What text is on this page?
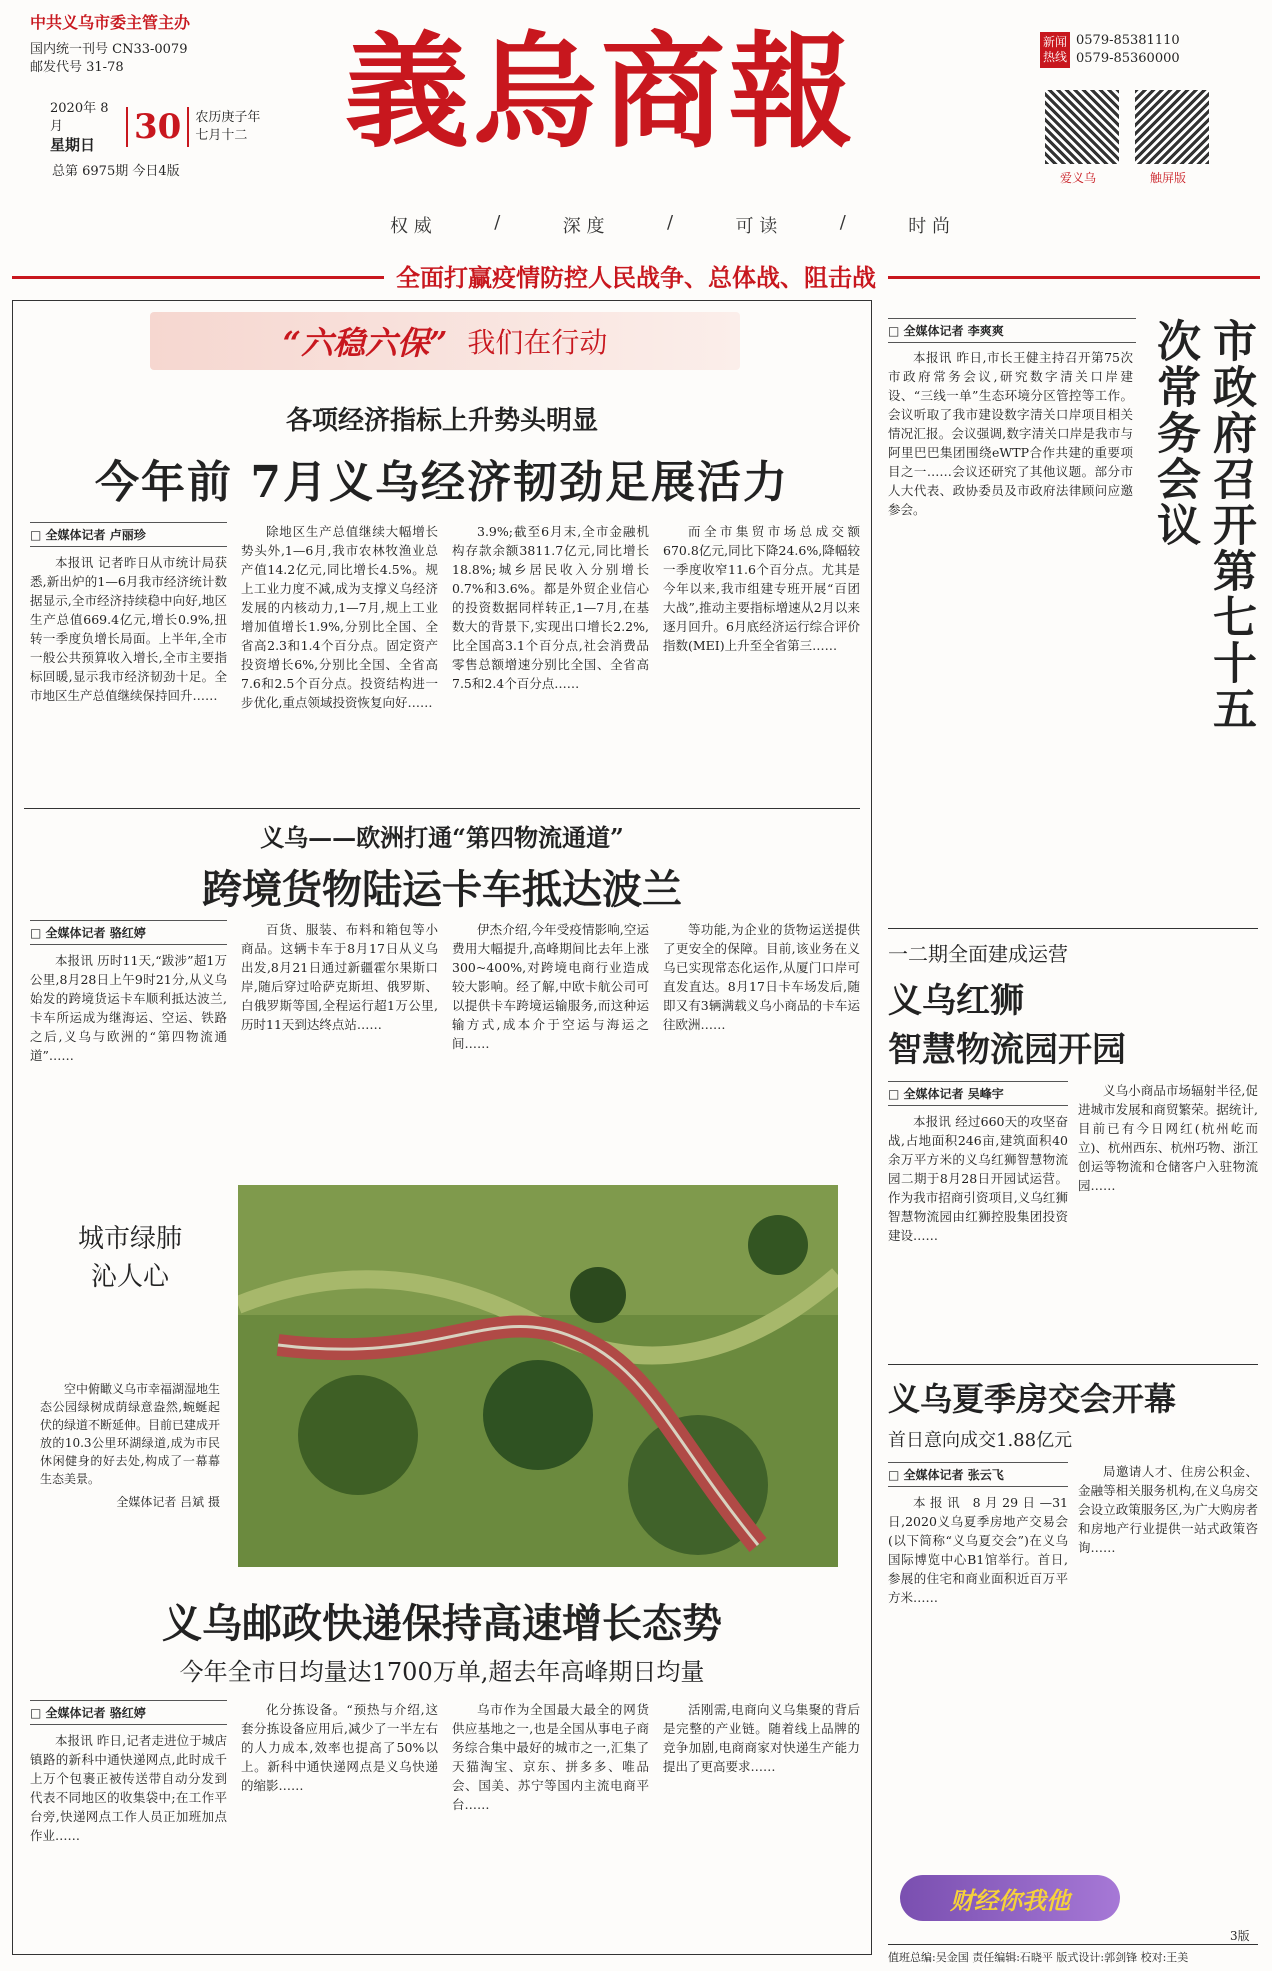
中共义乌市委主管主办
国内统一刊号 CN33-0079
邮发代号 31-78
2020年 8月
星期日	30	农历庚子年
七月十二
总第 6975期 今日4版
義烏商報
权 威	/	深 度	/	可 读	/	时 尚
新闻热线
0579-85381110
0579-85360000
爱义乌	触屏版
全面打赢疫情防控人民战争、总体战、阻击战
“六稳六保” 我们在行动
各项经济指标上升势头明显
今年前 7月义乌经济韧劲足展活力
□ 全媒体记者 卢丽珍
本报讯 记者昨日从市统计局获悉,新出炉的1—6月我市经济统计数据显示,全市经济持续稳中向好,地区生产总值669.4亿元,增长0.9%,扭转一季度负增长局面。上半年,全市一般公共预算收入增长,全市主要指标回暖,显示我市经济韧劲十足。全市地区生产总值继续保持回升……
除地区生产总值继续大幅增长势头外,1—6月,我市农林牧渔业总产值14.2亿元,同比增长4.5%。规上工业力度不减,成为支撑义乌经济发展的内核动力,1—7月,规上工业增加值增长1.9%,分别比全国、全省高2.3和1.4个百分点。固定资产投资增长6%,分别比全国、全省高7.6和2.5个百分点。投资结构进一步优化,重点领域投资恢复向好……
3.9%;截至6月末,全市金融机构存款余额3811.7亿元,同比增长18.8%;城乡居民收入分别增长0.7%和3.6%。都是外贸企业信心的投资数据同样转正,1—7月,在基数大的背景下,实现出口增长2.2%,比全国高3.1个百分点,社会消费品零售总额增速分别比全国、全省高7.5和2.4个百分点……
而全市集贸市场总成交额670.8亿元,同比下降24.6%,降幅较一季度收窄11.6个百分点。尤其是今年以来,我市组建专班开展“百团大战”,推动主要指标增速从2月以来逐月回升。6月底经济运行综合评价指数(MEI)上升至全省第三……
义乌——欧洲打通“第四物流通道”
跨境货物陆运卡车抵达波兰
□ 全媒体记者 骆红婷
本报讯 历时11天,“跋涉”超1万公里,8月28日上午9时21分,从义乌始发的跨境货运卡车顺利抵达波兰,卡车所运成为继海运、空运、铁路之后,义乌与欧洲的“第四物流通道”……
百货、服装、布料和箱包等小商品。这辆卡车于8月17日从义乌出发,8月21日通过新疆霍尔果斯口岸,随后穿过哈萨克斯坦、俄罗斯、白俄罗斯等国,全程运行超1万公里,历时11天到达终点站……
伊杰介绍,今年受疫情影响,空运费用大幅提升,高峰期间比去年上涨300~400%,对跨境电商行业造成较大影响。经了解,中欧卡航公司可以提供卡车跨境运输服务,而这种运输方式,成本介于空运与海运之间……
等功能,为企业的货物运送提供了更安全的保障。目前,该业务在义乌已实现常态化运作,从厦门口岸可直发直达。8月17日卡车场发后,随即又有3辆满载义乌小商品的卡车运往欧洲……
城市绿肺
沁人心
空中俯瞰义乌市幸福湖湿地生态公园绿树成荫绿意盎然,蜿蜒起伏的绿道不断延伸。目前已建成开放的10.3公里环湖绿道,成为市民休闲健身的好去处,构成了一幕幕生态美景。
全媒体记者 吕斌 摄
义乌邮政快递保持高速增长态势
今年全市日均量达1700万单,超去年高峰期日均量
□ 全媒体记者 骆红婷
本报讯 昨日,记者走进位于城店镇路的新科中通快递网点,此时成千上万个包裹正被传送带自动分发到代表不同地区的收集袋中;在工作平台旁,快递网点工作人员正加班加点作业……
化分拣设备。“预热与介绍,这套分拣设备应用后,减少了一半左右的人力成本,效率也提高了50%以上。新科中通快递网点是义乌快递的缩影……
乌市作为全国最大最全的网货供应基地之一,也是全国从事电子商务综合集中最好的城市之一,汇集了天猫淘宝、京东、拼多多、唯品会、国美、苏宁等国内主流电商平台……
活刚需,电商向义乌集聚的背后是完整的产业链。随着线上品牌的竞争加剧,电商商家对快递生产能力提出了更高要求……
□ 全媒体记者 李爽爽	市政府召开第七十五次常务会议
本报讯 昨日,市长王健主持召开第75次市政府常务会议,研究数字清关口岸建设、“三线一单”生态环境分区管控等工作。会议听取了我市建设数字清关口岸项目相关情况汇报。会议强调,数字清关口岸是我市与阿里巴巴集团围绕eWTP合作共建的重要项目之一……会议还研究了其他议题。部分市人大代表、政协委员及市政府法律顾问应邀参会。
一二期全面建成运营
义乌红狮
智慧物流园开园
□ 全媒体记者 吴峰宇
本报讯 经过660天的攻坚奋战,占地面积246亩,建筑面积40余万平方米的义乌红狮智慧物流园二期于8月28日开园试运营。作为我市招商引资项目,义乌红狮智慧物流园由红狮控股集团投资建设……
义乌小商品市场辐射半径,促进城市发展和商贸繁荣。据统计,目前已有今日网红(杭州屹而立)、杭州西东、杭州巧物、浙江创运等物流和仓储客户入驻物流园……
义乌夏季房交会开幕
首日意向成交1.88亿元
□ 全媒体记者 张云飞
本报讯 8月29日—31日,2020义乌夏季房地产交易会(以下简称“义乌夏交会”)在义乌国际博览中心B1馆举行。首日,参展的住宅和商业面积近百万平方米……
局邀请人才、住房公积金、金融等相关服务机构,在义乌房交会设立政策服务区,为广大购房者和房地产行业提供一站式政策咨询……
财经你我他
3版
值班总编:吴金国 责任编辑:石晓平 版式设计:郭剑锋 校对:王美
